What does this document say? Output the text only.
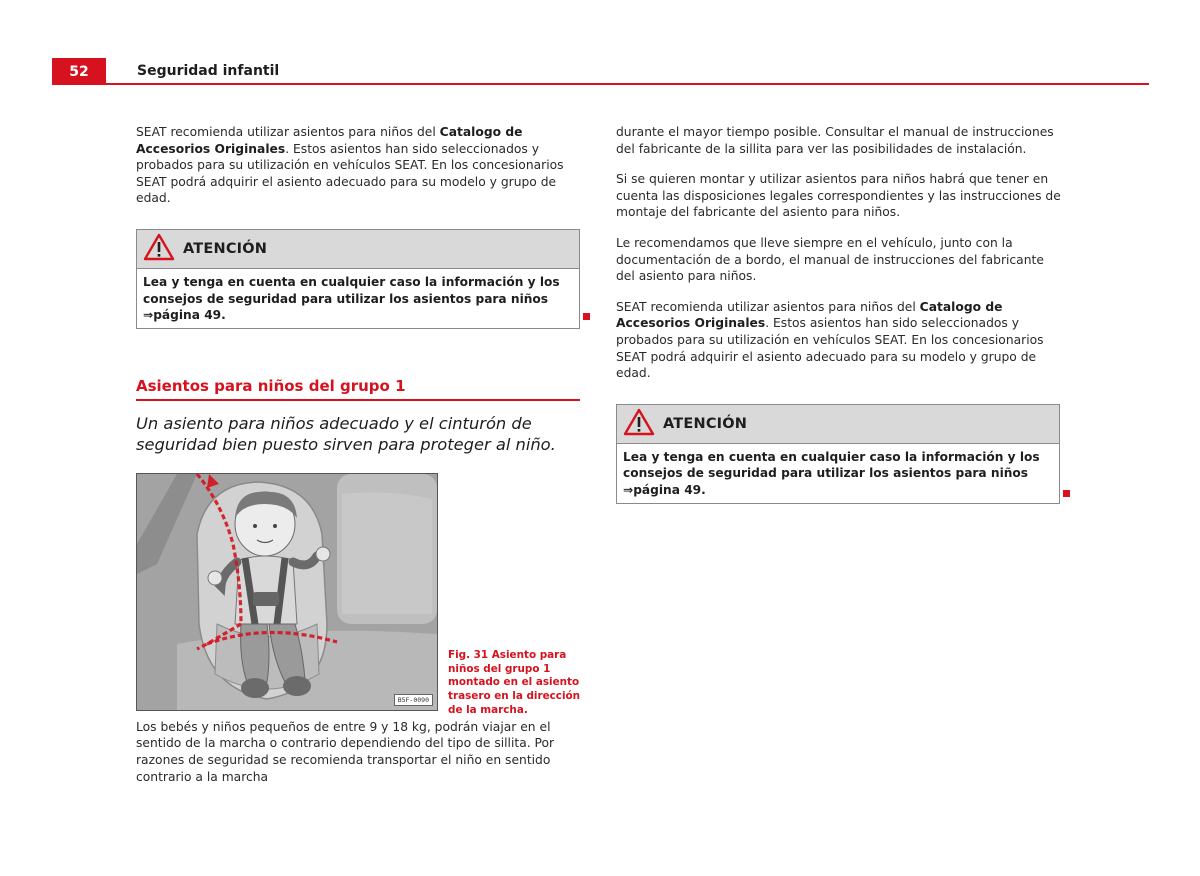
52	Seguridad infantil

SEAT recomienda utilizar asientos para niños del Catalogo de Accesorios Originales. Estos asientos han sido seleccionados y probados para su utilización en vehículos SEAT. En los concesionarios SEAT podrá adquirir el asiento adecuado para su modelo y grupo de edad.

ATENCIÓN
Lea y tenga en cuenta en cualquier caso la información y los consejos de seguridad para utilizar los asientos para niños ⇒página 49.
Asientos para niños del grupo 1
Un asiento para niños adecuado y el cinturón de seguridad bien puesto sirven para proteger al niño.
B5F-0090
Fig. 31 Asiento para niños del grupo 1 montado en el asiento trasero en la dirección de la marcha.

Los bebés y niños pequeños de entre 9 y 18 kg, podrán viajar en el sentido de la marcha o contrario dependiendo del tipo de sillita. Por razones de seguridad se recomienda transportar el niño en sentido contrario a la marcha

durante el mayor tiempo posible. Consultar el manual de instrucciones del fabricante de la sillita para ver las posibilidades de instalación.

Si se quieren montar y utilizar asientos para niños habrá que tener en cuenta las disposiciones legales correspondientes y las instrucciones de montaje del fabricante del asiento para niños.

Le recomendamos que lleve siempre en el vehículo, junto con la documentación de a bordo, el manual de instrucciones del fabricante del asiento para niños.

SEAT recomienda utilizar asientos para niños del Catalogo de Accesorios Originales. Estos asientos han sido seleccionados y probados para su utilización en vehículos SEAT. En los concesionarios SEAT podrá adquirir el asiento adecuado para su modelo y grupo de edad.

ATENCIÓN
Lea y tenga en cuenta en cualquier caso la información y los consejos de seguridad para utilizar los asientos para niños ⇒página 49.
